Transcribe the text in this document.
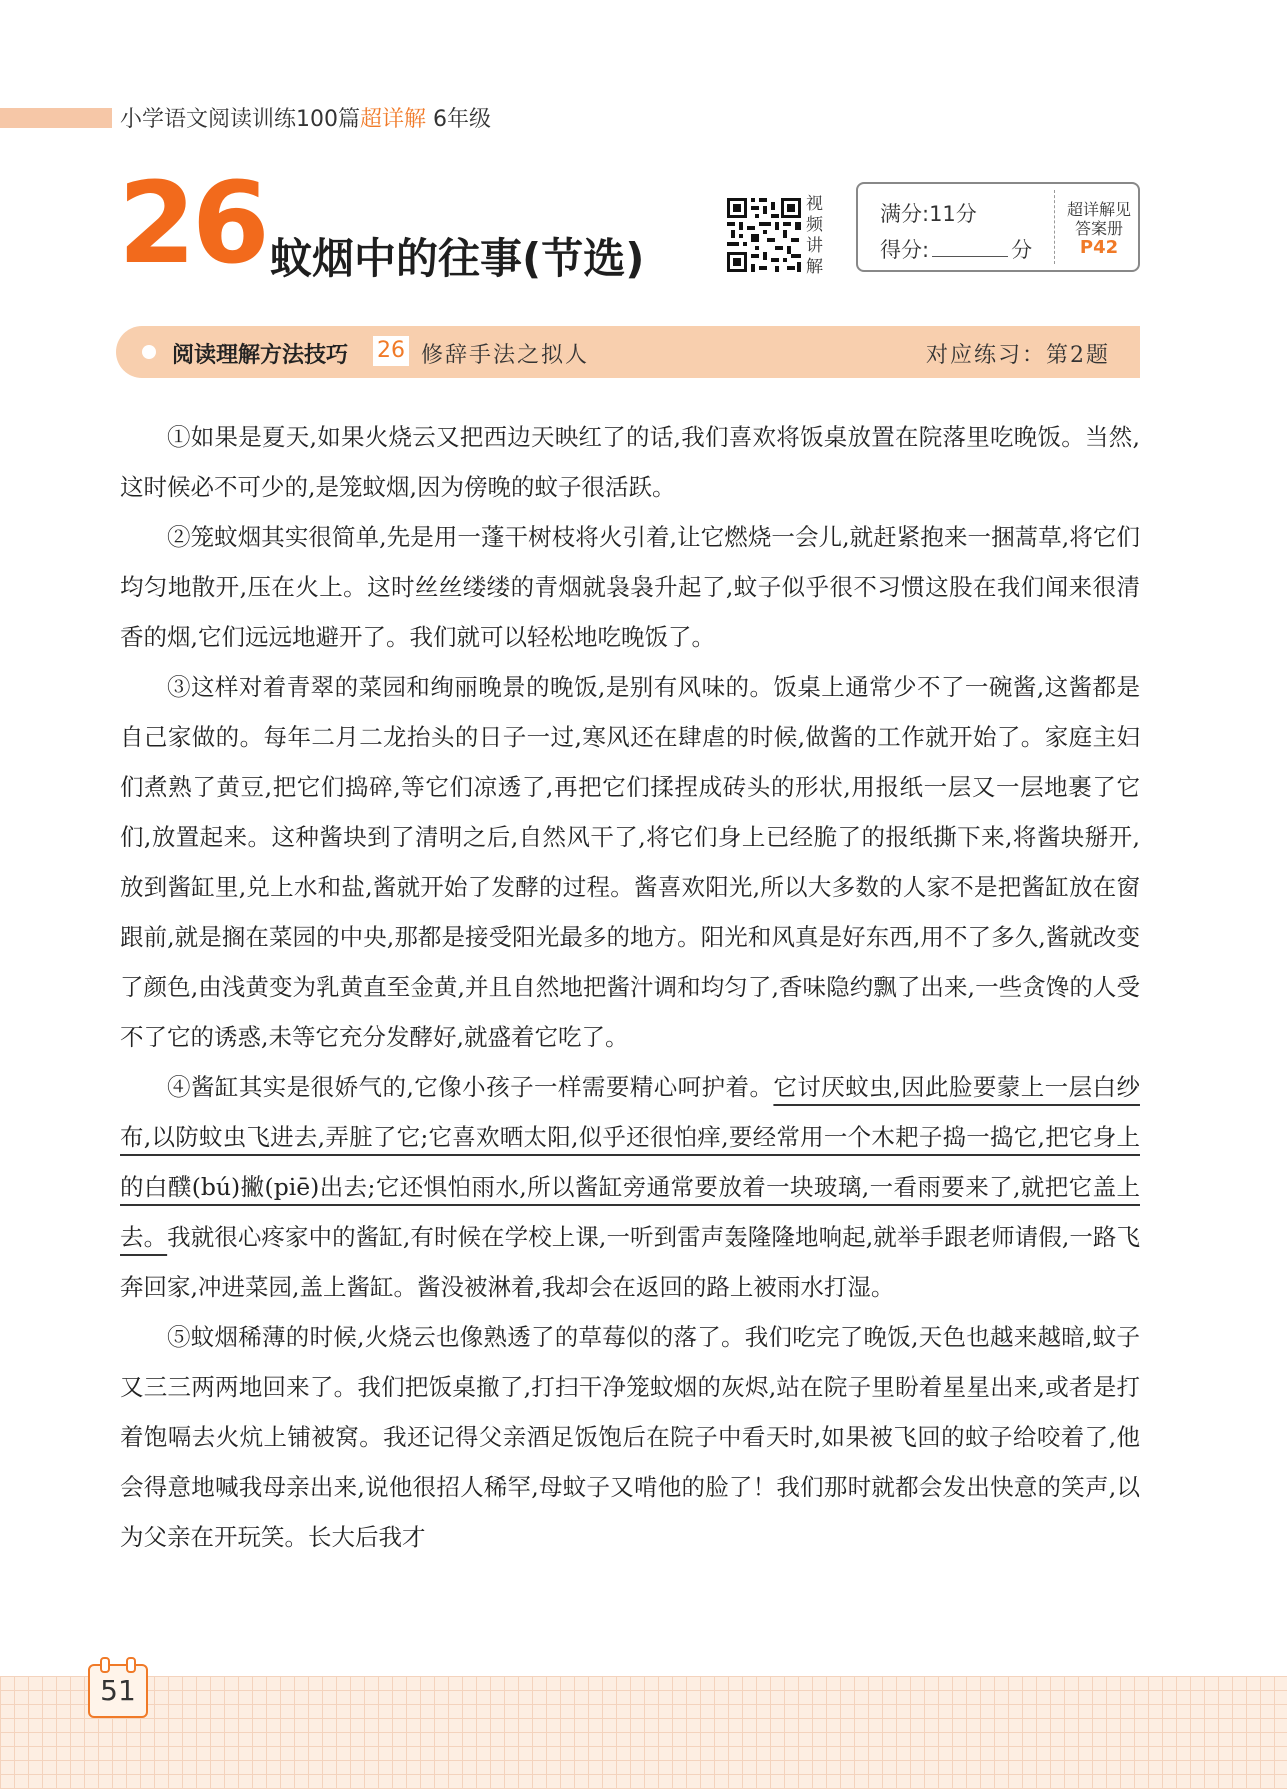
小学语文阅读训练100篇超详解 6年级
26 蚊烟中的往事(节选)
视频讲解
满分:11分
得分:	分
超详解见
答案册
P42
阅读理解方法技巧 26 修辞手法之拟人	对应练习：第2题

①如果是夏天,如果火烧云又把西边天映红了的话,我们喜欢将饭桌放置在院落里吃晚饭。当然,这时候必不可少的,是笼蚊烟,因为傍晚的蚊子很活跃。

②笼蚊烟其实很简单,先是用一蓬干树枝将火引着,让它燃烧一会儿,就赶紧抱来一捆蒿草,将它们均匀地散开,压在火上。这时丝丝缕缕的青烟就袅袅升起了,蚊子似乎很不习惯这股在我们闻来很清香的烟,它们远远地避开了。我们就可以轻松地吃晚饭了。

③这样对着青翠的菜园和绚丽晚景的晚饭,是别有风味的。饭桌上通常少不了一碗酱,这酱都是自己家做的。每年二月二龙抬头的日子一过,寒风还在肆虐的时候,做酱的工作就开始了。家庭主妇们煮熟了黄豆,把它们捣碎,等它们凉透了,再把它们揉捏成砖头的形状,用报纸一层又一层地裹了它们,放置起来。这种酱块到了清明之后,自然风干了,将它们身上已经脆了的报纸撕下来,将酱块掰开,放到酱缸里,兑上水和盐,酱就开始了发酵的过程。酱喜欢阳光,所以大多数的人家不是把酱缸放在窗跟前,就是搁在菜园的中央,那都是接受阳光最多的地方。阳光和风真是好东西,用不了多久,酱就改变了颜色,由浅黄变为乳黄直至金黄,并且自然地把酱汁调和均匀了,香味隐约飘了出来,一些贪馋的人受不了它的诱惑,未等它充分发酵好,就盛着它吃了。

④酱缸其实是很娇气的,它像小孩子一样需要精心呵护着。它讨厌蚊虫,因此脸要蒙上一层白纱布,以防蚊虫飞进去,弄脏了它;它喜欢晒太阳,似乎还很怕痒,要经常用一个木耙子捣一捣它,把它身上的白醭(bú)撇(piē)出去;它还惧怕雨水,所以酱缸旁通常要放着一块玻璃,一看雨要来了,就把它盖上去。我就很心疼家中的酱缸,有时候在学校上课,一听到雷声轰隆隆地响起,就举手跟老师请假,一路飞奔回家,冲进菜园,盖上酱缸。酱没被淋着,我却会在返回的路上被雨水打湿。

⑤蚊烟稀薄的时候,火烧云也像熟透了的草莓似的落了。我们吃完了晚饭,天色也越来越暗,蚊子又三三两两地回来了。我们把饭桌撤了,打扫干净笼蚊烟的灰烬,站在院子里盼着星星出来,或者是打着饱嗝去火炕上铺被窝。我还记得父亲酒足饭饱后在院子中看天时,如果被飞回的蚊子给咬着了,他会得意地喊我母亲出来,说他很招人稀罕,母蚊子又啃他的脸了！我们那时就都会发出快意的笑声,以为父亲在开玩笑。长大后我才

51
